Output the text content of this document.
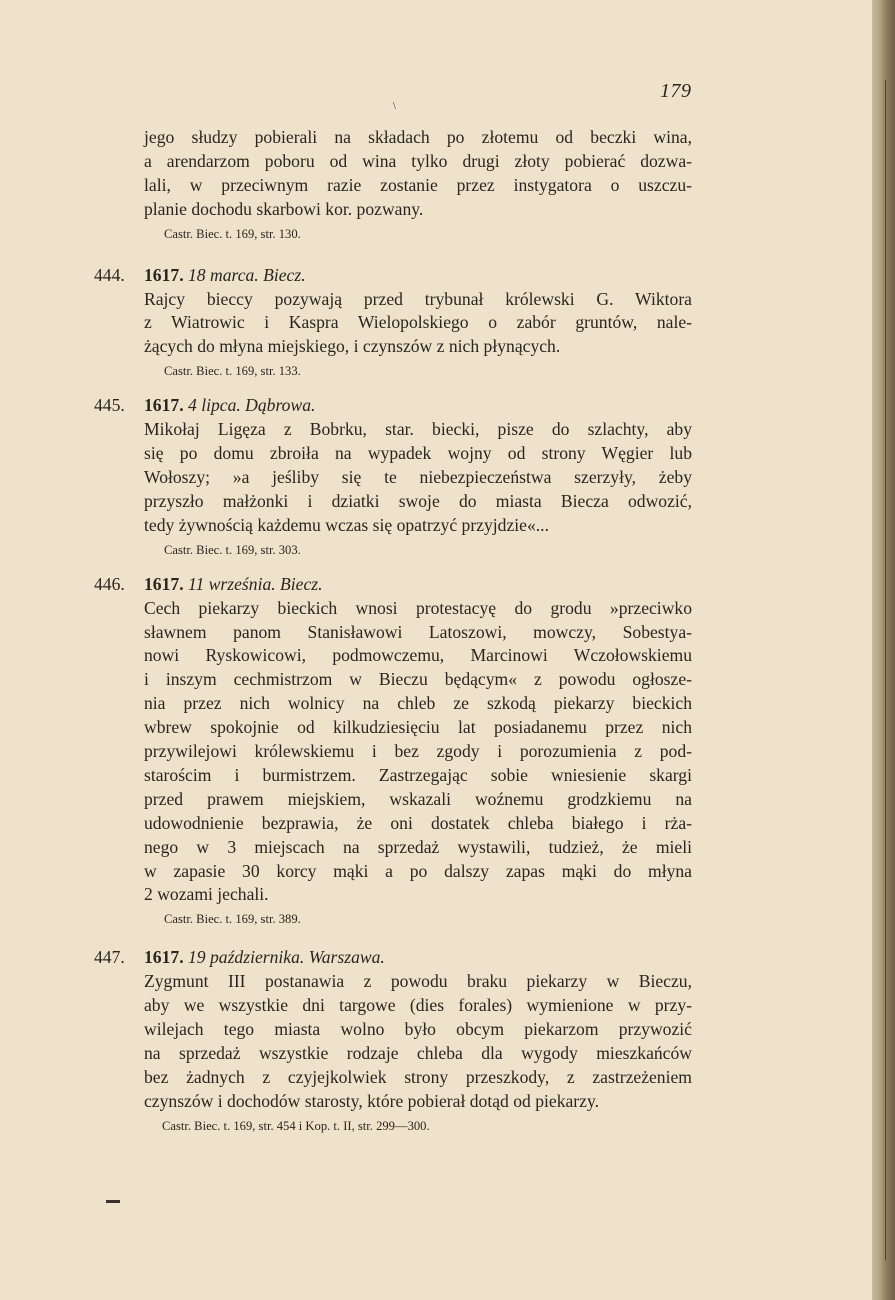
179
\
jego słudzy pobierali na składach po złotemu od beczki wina,
a arendarzom poboru od wina tylko drugi złoty pobierać dozwa-
lali, w przeciwnym razie zostanie przez instygatora o uszczu-
planie dochodu skarbowi kor. pozwany.
Castr. Biec. t. 169, str. 130.
444. 1617. 18 marca. Biecz.
Rajcy bieccy pozywają przed trybunał królewski G. Wiktora
z Wiatrowic i Kaspra Wielopolskiego o zabór gruntów, nale-
żących do młyna miejskiego, i czynszów z nich płynących.
Castr. Biec. t. 169, str. 133.
445. 1617. 4 lipca. Dąbrowa.
Mikołaj Ligęza z Bobrku, star. biecki, pisze do szlachty, aby
się po domu zbroiła na wypadek wojny od strony Węgier lub
Wołoszy; »a jeśliby się te niebezpieczeństwa szerzyły, żeby
przyszło małżonki i dziatki swoje do miasta Biecza odwozić,
tedy żywnością każdemu wczas się opatrzyć przyjdzie«...
Castr. Biec. t. 169, str. 303.
446. 1617. 11 września. Biecz.
Cech piekarzy bieckich wnosi protestacyę do grodu »przeciwko
sławnem panom Stanisławowi Latoszowi, mowczy, Sobestya-
nowi Ryskowicowi, podmowczemu, Marcinowi Wczołowskiemu
i inszym cechmistrzom w Bieczu będącym« z powodu ogłosze-
nia przez nich wolnicy na chleb ze szkodą piekarzy bieckich
wbrew spokojnie od kilkudziesięciu lat posiadanemu przez nich
przywilejowi królewskiemu i bez zgody i porozumienia z pod-
starościm i burmistrzem. Zastrzegając sobie wniesienie skargi
przed prawem miejskiem, wskazali woźnemu grodzkiemu na
udowodnienie bezprawia, że oni dostatek chleba białego i rża-
nego w 3 miejscach na sprzedaż wystawili, tudzież, że mieli
w zapasie 30 korcy mąki a po dalszy zapas mąki do młyna
2 wozami jechali.
Castr. Biec. t. 169, str. 389.
447. 1617. 19 października. Warszawa.
Zygmunt III postanawia z powodu braku piekarzy w Bieczu,
aby we wszystkie dni targowe (dies forales) wymienione w przy-
wilejach tego miasta wolno było obcym piekarzom przywozić
na sprzedaż wszystkie rodzaje chleba dla wygody mieszkańców
bez żadnych z czyjejkolwiek strony przeszkody, z zastrzeżeniem
czynszów i dochodów starosty, które pobierał dotąd od piekarzy.
Castr. Biec. t. 169, str. 454 i Kop. t. II, str. 299—300.
